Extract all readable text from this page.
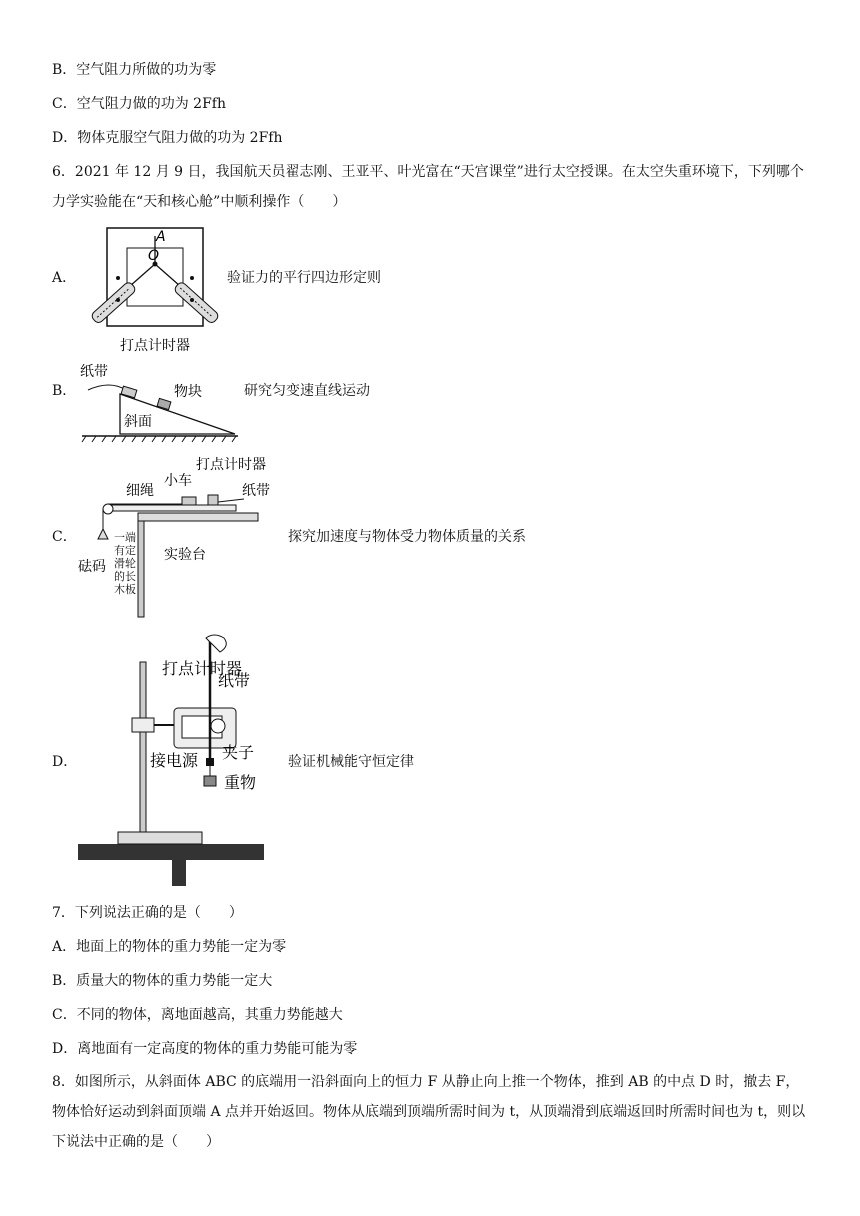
B．空气阻力所做的功为零
C．空气阻力做的功为 2Ffh
D．物体克服空气阻力做的功为 2Ffh
6．2021 年 12 月 9 日，我国航天员翟志刚、王亚平、叶光富在“天宫课堂”进行太空授课。在太空失重环境下，下列哪个力学实验能在“天和核心舱”中顺利操作（　　）
A．
A
O
验证力的平行四边形定则
B．
打点计时器
纸带
物块
斜面
研究匀变速直线运动
C．
打点计时器
小车
细绳	纸带
砝码
实验台
一端有定滑轮的长木板
探究加速度与物体受力物体质量的关系
D．
打点计时器
纸带
接电源 夹子
重物
验证机械能守恒定律
7．下列说法正确的是（　　）
A．地面上的物体的重力势能一定为零
B．质量大的物体的重力势能一定大
C．不同的物体，离地面越高，其重力势能越大
D．离地面有一定高度的物体的重力势能可能为零
8．如图所示，从斜面体 ABC 的底端用一沿斜面向上的恒力 F 从静止向上推一个物体，推到 AB 的中点 D 时，撤去 F，物体恰好运动到斜面顶端 A 点并开始返回。物体从底端到顶端所需时间为 t，从顶端滑到底端返回时所需时间也为 t，则以下说法中正确的是（　　）
